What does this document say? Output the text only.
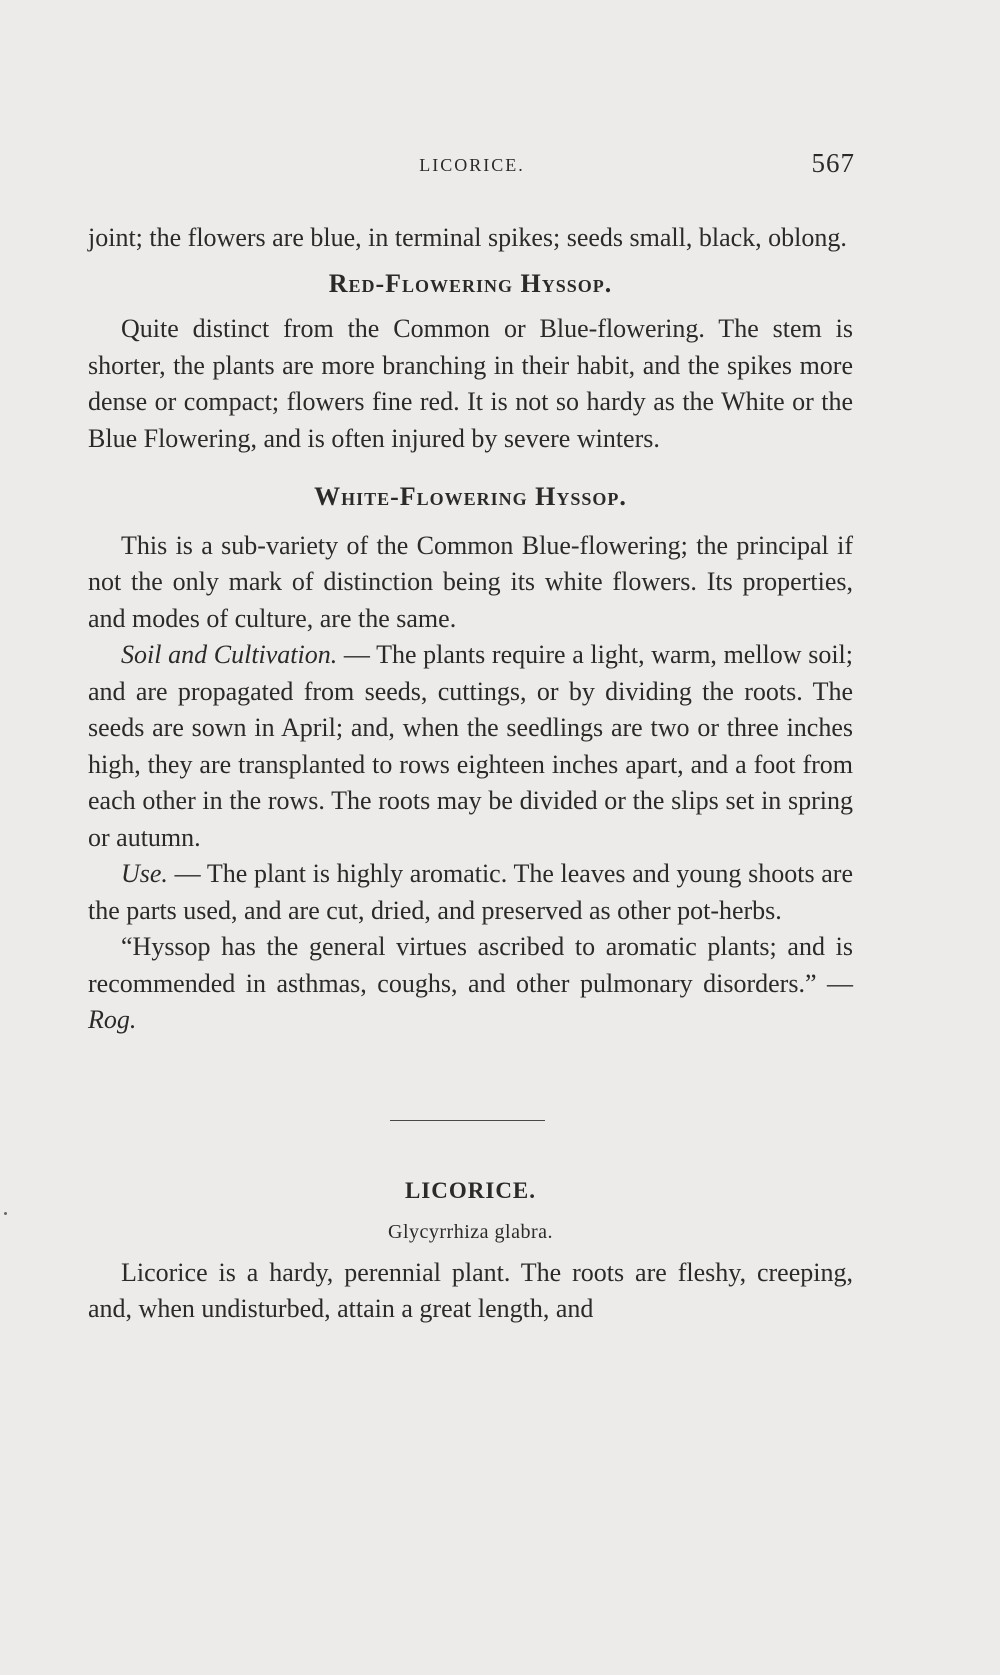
LICORICE.	567

joint; the flowers are blue, in terminal spikes; seeds small, black, oblong.

Red-Flowering Hyssop.

Quite distinct from the Common or Blue-flowering. The stem is shorter, the plants are more branching in their habit, and the spikes more dense or compact; flowers fine red. It is not so hardy as the White or the Blue Flowering, and is often injured by severe winters.

White-Flowering Hyssop.

This is a sub-variety of the Common Blue-flowering; the principal if not the only mark of distinction being its white flowers. Its properties, and modes of culture, are the same.

Soil and Cultivation. — The plants require a light, warm, mellow soil; and are propagated from seeds, cuttings, or by dividing the roots. The seeds are sown in April; and, when the seedlings are two or three inches high, they are transplanted to rows eighteen inches apart, and a foot from each other in the rows. The roots may be divided or the slips set in spring or autumn.

Use. — The plant is highly aromatic. The leaves and young shoots are the parts used, and are cut, dried, and preserved as other pot-herbs.

“Hyssop has the general virtues ascribed to aromatic plants; and is recommended in asthmas, coughs, and other pulmonary disorders.” — Rog.

LICORICE.
Glycyrrhiza glabra.

Licorice is a hardy, perennial plant. The roots are fleshy, creeping, and, when undisturbed, attain a great length, and
